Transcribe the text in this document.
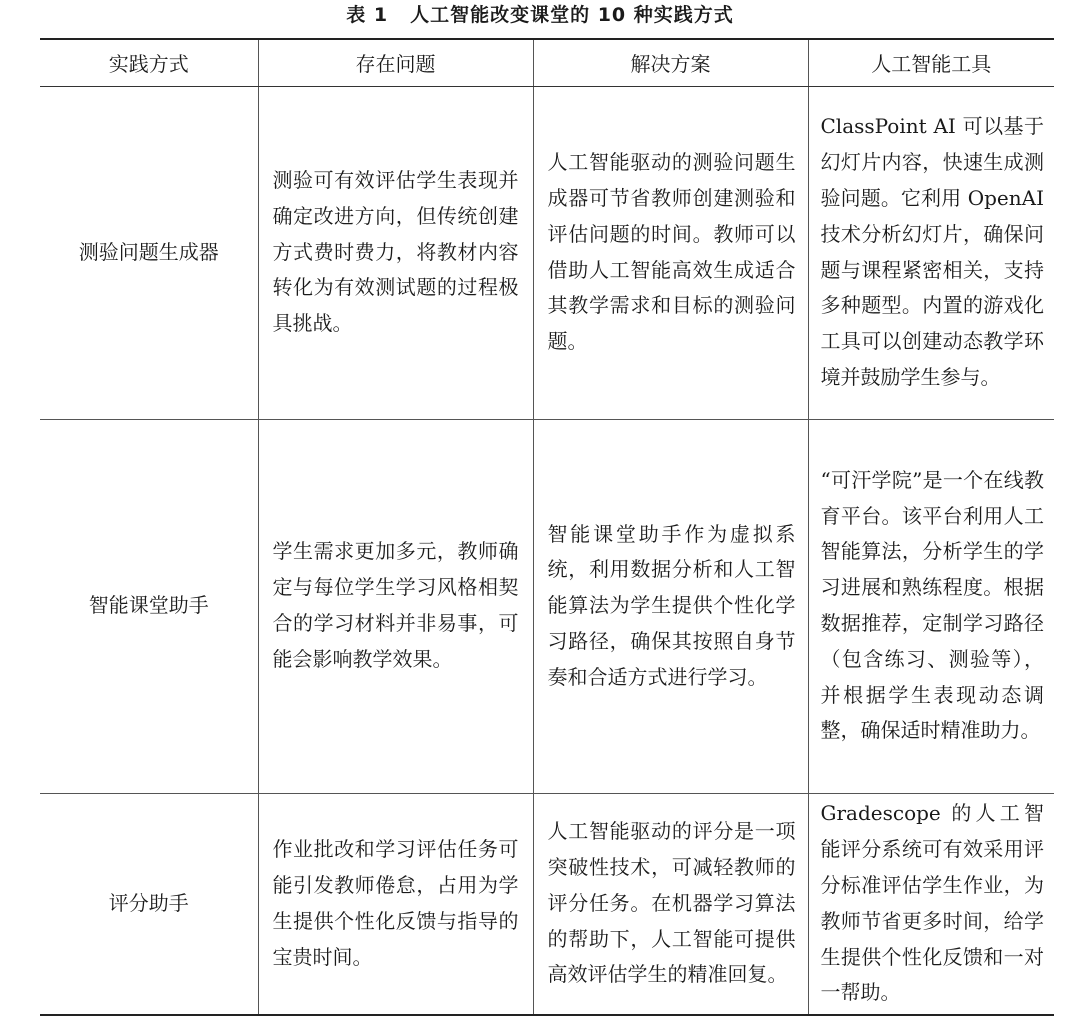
表 1 人工智能改变课堂的 10 种实践方式
实践方式	存在问题	解决方案	人工智能工具
测验问题生成器	测验可有效评估学生表现并确定改进方向，但传统创建方式费时费力，将教材内容转化为有效测试题的过程极具挑战。	人工智能驱动的测验问题生成器可节省教师创建测验和评估问题的时间。教师可以借助人工智能高效生成适合其教学需求和目标的测验问题。	ClassPoint AI 可以基于幻灯片内容，快速生成测验问题。它利用 OpenAI 技术分析幻灯片，确保问题与课程紧密相关，支持多种题型。内置的游戏化工具可以创建动态教学环境并鼓励学生参与。

智能课堂助手	学生需求更加多元，教师确定与每位学生学习风格相契合的学习材料并非易事，可能会影响教学效果。	智能课堂助手作为虚拟系统，利用数据分析和人工智能算法为学生提供个性化学习路径，确保其按照自身节奏和合适方式进行学习。	“可汗学院”是一个在线教育平台。该平台利用人工智能算法，分析学生的学习进展和熟练程度。根据数据推荐，定制学习路径（包含练习、测验等），并根据学生表现动态调整，确保适时精准助力。

评分助手	作业批改和学习评估任务可能引发教师倦怠，占用为学生提供个性化反馈与指导的宝贵时间。	人工智能驱动的评分是一项突破性技术，可减轻教师的评分任务。在机器学习算法的帮助下，人工智能可提供高效评估学生的精准回复。	Gradescope 的人工智能评分系统可有效采用评分标准评估学生作业，为教师节省更多时间，给学生提供个性化反馈和一对一帮助。
